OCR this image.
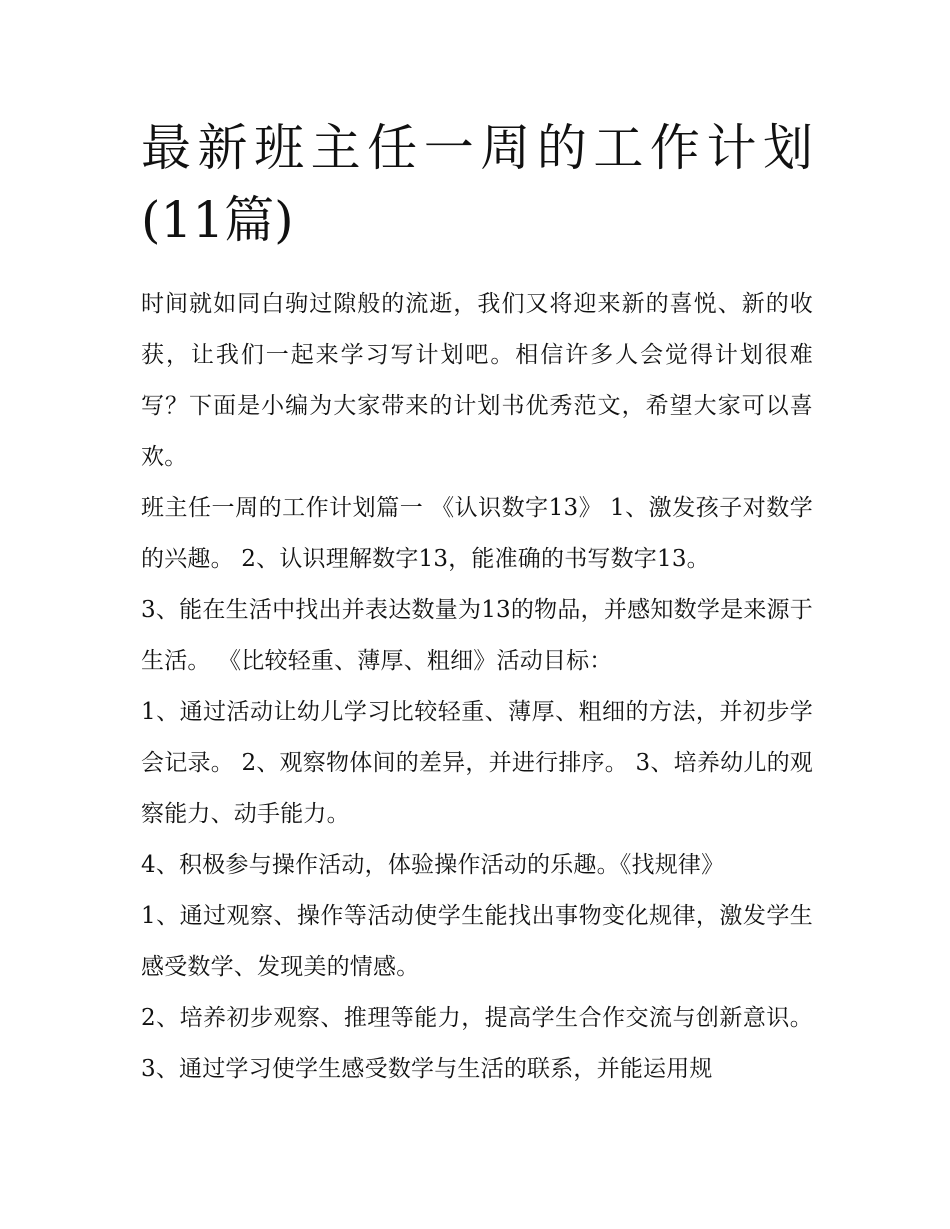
最新班主任一周的工作计划(11篇)

时间就如同白驹过隙般的流逝，我们又将迎来新的喜悦、新的收获，让我们一起来学习写计划吧。相信许多人会觉得计划很难写？下面是小编为大家带来的计划书优秀范文，希望大家可以喜欢。

班主任一周的工作计划篇一 《认识数字13》 1、激发孩子对数学的兴趣。 2、认识理解数字13，能准确的书写数字13。

3、能在生活中找出并表达数量为13的物品，并感知数学是来源于生活。 《比较轻重、薄厚、粗细》活动目标：

1、通过活动让幼儿学习比较轻重、薄厚、粗细的方法，并初步学会记录。 2、观察物体间的差异，并进行排序。 3、培养幼儿的观察能力、动手能力。

4、积极参与操作活动，体验操作活动的乐趣。《找规律》

1、通过观察、操作等活动使学生能找出事物变化规律，激发学生感受数学、发现美的情感。

2、培养初步观察、推理等能力，提高学生合作交流与创新意识。 3、通过学习使学生感受数学与生活的联系，并能运用规
